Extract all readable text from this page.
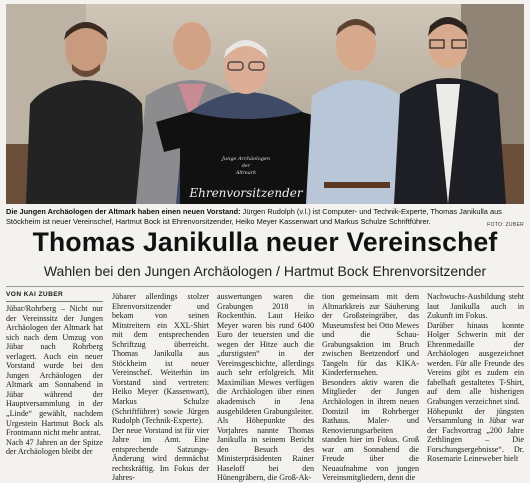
Junge Archäologen
der
Altmark
Ehrenvorsitzender
Die Jungen Archäologen der Altmark haben einen neuen Vorstand: Jürgen Rudolph (v.l.) ist Computer- und Technik-Experte, Thomas Janikulla aus Stöckheim ist neuer Vereinschef, Hartmut Bock ist Ehrenvorsitzender, Heiko Meyer Kassenwart und Markus Schulze Schriftführer.	FOTO: ZUBER
Thomas Janikulla neuer Vereinschef
Wahlen bei den Jungen Archäologen / Hartmut Bock Ehrenvorsitzender
VON KAI ZUBER
Jübar/Rohrberg – Nicht nur der Vereinssitz der Jungen Archäologen der Altmark hat sich nach dem Umzug von Jübar nach Rohrberg verlagert. Auch ein neuer Vorstand wurde bei den Jungen Archäologen der Altmark am Sonnabend in Jübar während der Hauptversammlung in der „Linde“ gewählt, nachdem Urgestein Hartmut Bock als Frontmann nicht mehr antrat.
Nach 47 Jahren an der Spitze der Archäologen bleibt der
Jübarer allerdings stolzer Ehrenvorsitzender und bekam von seinen Mitstreitern ein XXL-Shirt mit dem entsprechenden Schriftzug überreicht. Thomas Janikulla aus Stöckheim ist neuer Vereinschef. Weiterhin im Vorstand sind vertreten: Heiko Meyer (Kassenwart), Markus Schulze (Schriftführer) sowie Jürgen Rudolph (Technik-Experte).
Der neue Vorstand ist für vier Jahre im Amt. Eine entsprechende Satzungs-Änderung wird demnächst rechtskräftig. Im Fokus der Jahres-
auswertungen waren die Grabungen 2018 in Rockenthin. Laut Heiko Meyer waren bis rund 6400 Euro der teuersten und die wegen der Hitze auch die „durstigsten“ in der Vereinsgeschichte, allerdings auch sehr erfolgreich. Mit Maximilian Mewes verfügen die Archäologen über einen akademisch in Jena ausgebildeten Grabungsleiter.
Als Höhepunkte des Vorjahres nannte Thomas Janikulla in seinem Bericht den Besuch des Ministerpräsidenten Rainer Haseloff bei den Hünengräbern, die Groß-Ak-
tion gemeinsam mit dem Altmarkkreis zur Säuberung der Großsteingräber, das Museumsfest bei Otto Mewes und die Schau-Grabungsaktion im Bruch zwischen Beetzendorf und Tangeln für das KIKA-Kinderfernsehen.
Besonders aktiv waren die Mitglieder der Jungen Archäologen in ihrem neuen Domizil im Rohrberger Rathaus. Maler- und Renovierungsarbeiten standen hier im Fokus. Groß war am Sonnabend die Freude über die Neuaufnahme von jungen Vereinsmitgliedern, denn die
Nachwuchs-Ausbildung steht laut Janikulla auch in Zukunft im Fokus.
Darüber hinaus konnte Holger Schwerin mit der Ehrenmedaille der Archäologen ausgezeichnet werden. Für alle Freunde des Vereins gibt es zudem ein fabelhaft gestaltetes T-Shirt, auf dem alle bisherigen Grabungen verzeichnet sind.
Höhepunkt der jüngsten Versammlung in Jübar war der Fachvortrag „200 Jahre Zethlingen – Die Forschungsergebnisse“. Dr. Rosemarie Leineweber hielt
